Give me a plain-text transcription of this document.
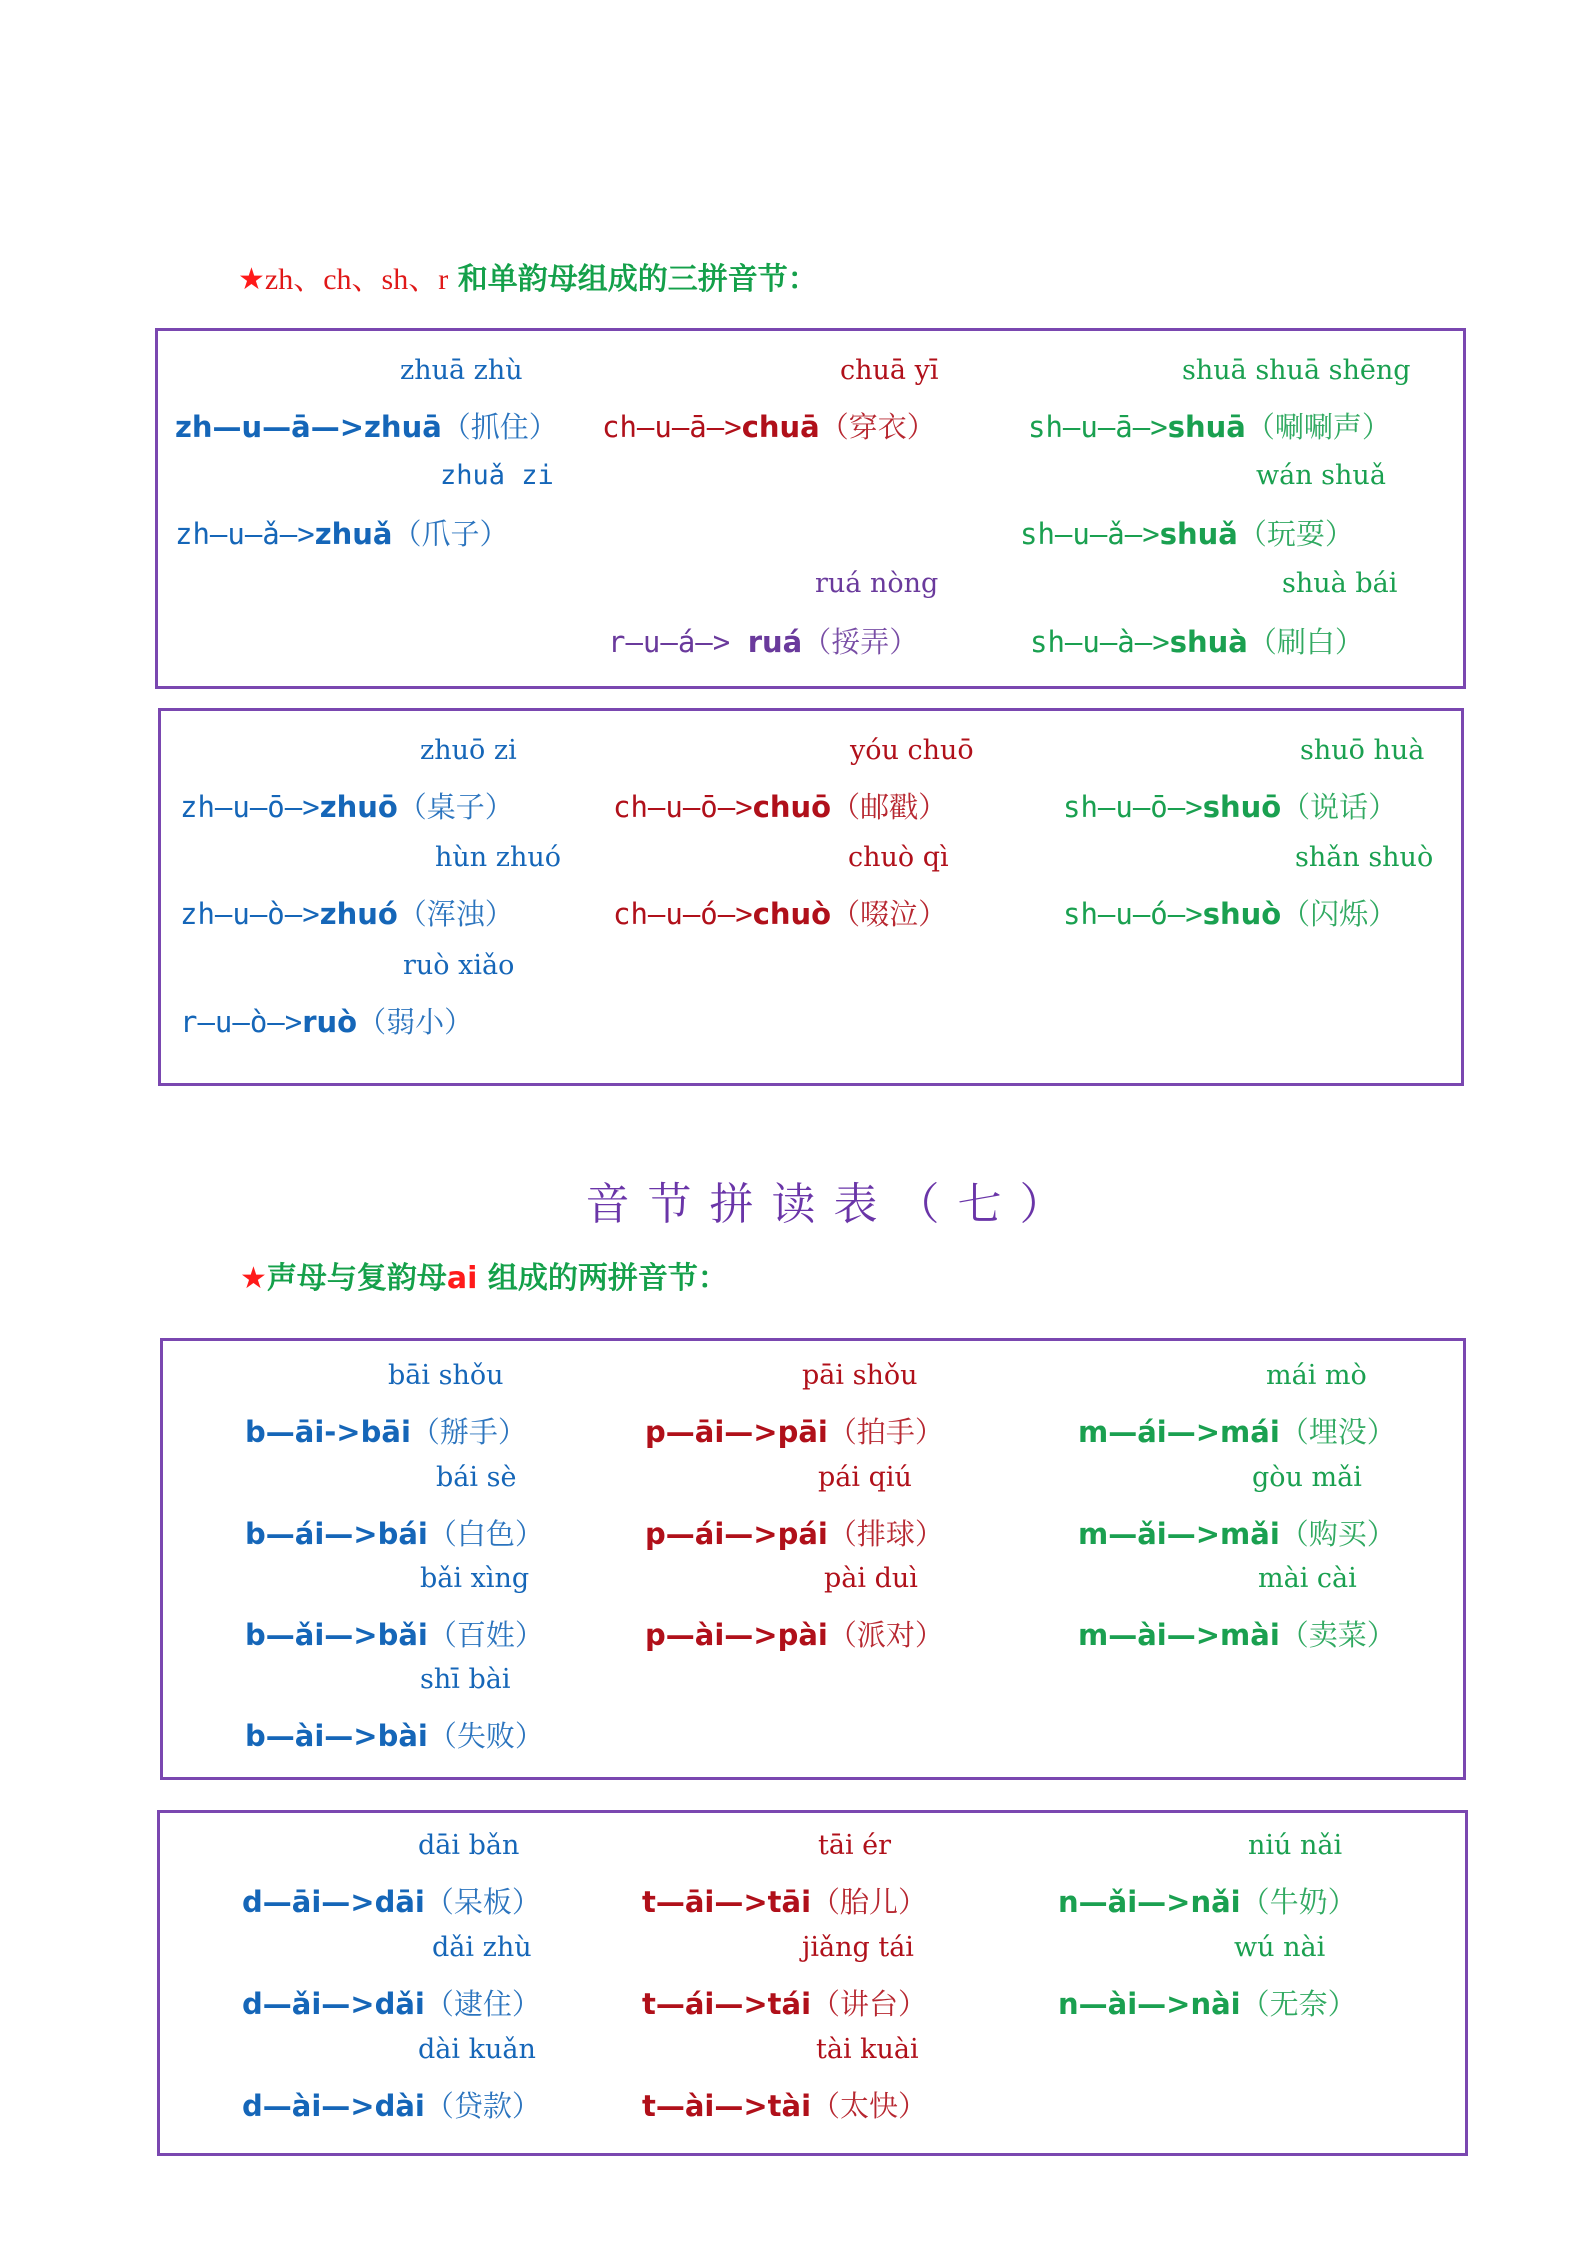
★zh、ch、sh、r 和单韵母组成的三拼音节：
zhuā zhù
zh—u—ā—>zhuā（抓住）
zhuǎ zi
zh—u—ǎ—>zhuǎ（爪子）
chuā yī
ch—u—ā—>chuā（穿衣）
ruá nòng
r—u—á—> ruá（挼弄）
shuā shuā shēng
sh—u—ā—>shuā（唰唰声）
wán shuǎ
sh—u—ǎ—>shuǎ（玩耍）
shuà bái
sh—u—à—>shuà（刷白）
zhuō zi
zh—u—ō—>zhuō（桌子）
hùn zhuó
zh—u—ò—>zhuó（浑浊）
ruò xiǎo
r—u—ò—>ruò（弱小）
yóu chuō
ch—u—ō—>chuō（邮戳）
chuò qì
ch—u—ó—>chuò（啜泣）
shuō huà
sh—u—ō—>shuō（说话）
shǎn shuò
sh—u—ó—>shuò（闪烁）
音节拼读表（七）
★声母与复韵母ai 组成的两拼音节：
bāi shǒu
b—āi->bāi（掰手）
bái sè
b—ái—>bái（白色）
bǎi xìng
b—ǎi—>bǎi（百姓）
shī bài
b—ài—>bài（失败）
pāi shǒu
p—āi—>pāi（拍手）
pái qiú
p—ái—>pái（排球）
pài duì
p—ài—>pài（派对）
mái mò
m—ái—>mái（埋没）
gòu mǎi
m—ǎi—>mǎi（购买）
mài cài
m—ài—>mài（卖菜）
dāi bǎn
d—āi—>dāi（呆板）
dǎi zhù
d—ǎi—>dǎi（逮住）
dài kuǎn
d—ài—>dài（贷款）
tāi ér
t—āi—>tāi（胎儿）
jiǎng tái
t—ái—>tái（讲台）
tài kuài
t—ài—>tài（太快）
niú nǎi
n—ǎi—>nǎi（牛奶）
wú nài
n—ài—>nài（无奈）
